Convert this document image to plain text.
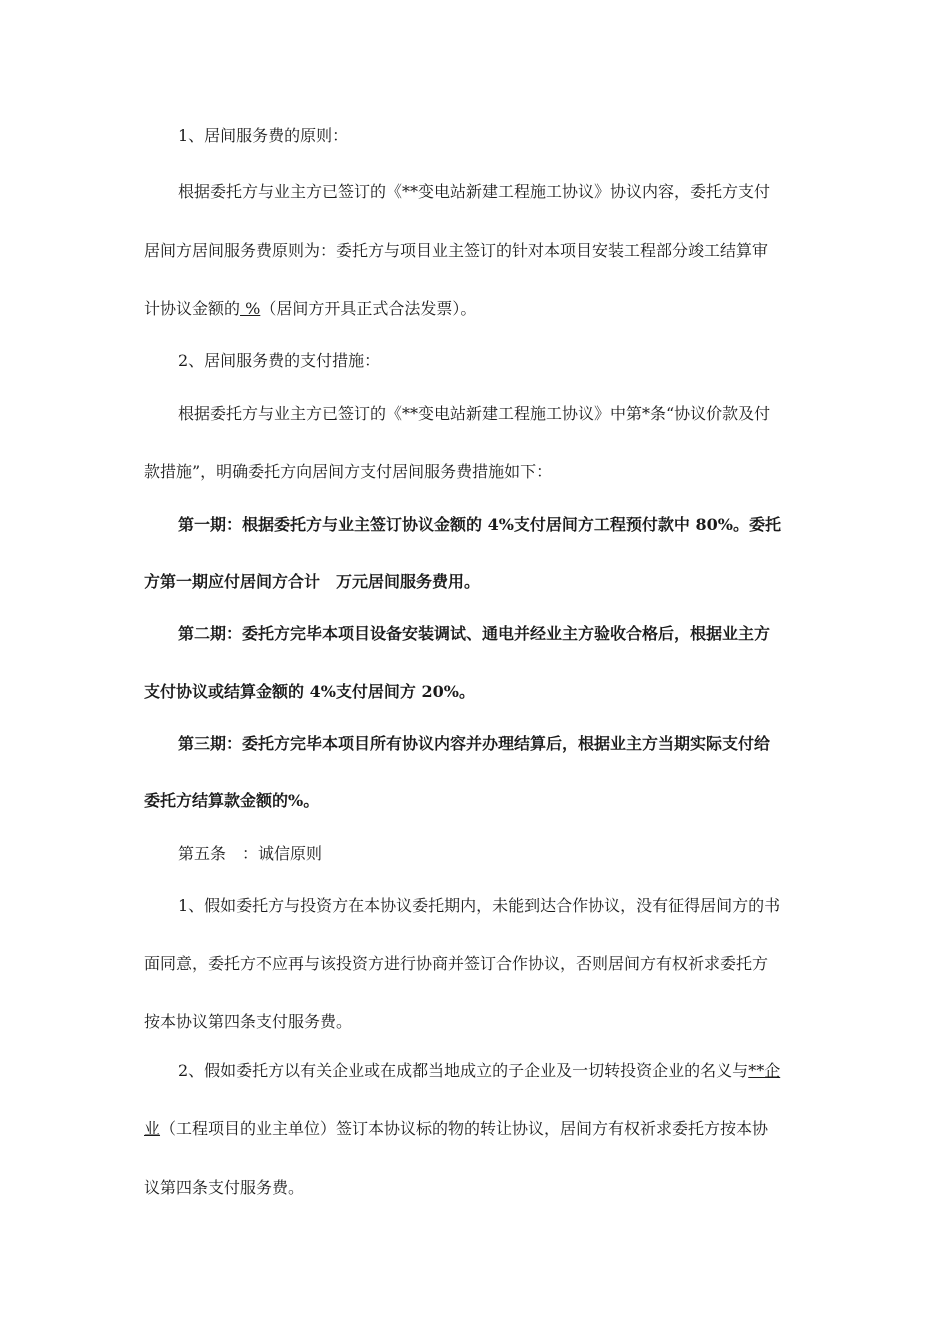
1、居间服务费的原则：
根据委托方与业主方已签订的《**变电站新建工程施工协议》协议内容，委托方支付
居间方居间服务费原则为：委托方与项目业主签订的针对本项目安装工程部分竣工结算审
计协议金额的 %（居间方开具正式合法发票）。
2、居间服务费的支付措施：
根据委托方与业主方已签订的《**变电站新建工程施工协议》中第*条“协议价款及付
款措施”，明确委托方向居间方支付居间服务费措施如下：
第一期：根据委托方与业主签订协议金额的 4%支付居间方工程预付款中 80%。委托
方第一期应付居间方合计　万元居间服务费用。
第二期：委托方完毕本项目设备安装调试、通电并经业主方验收合格后，根据业主方
支付协议或结算金额的 4%支付居间方 20%。
第三期：委托方完毕本项目所有协议内容并办理结算后，根据业主方当期实际支付给
委托方结算款金额的%。
第五条　：诚信原则
1、假如委托方与投资方在本协议委托期内，未能到达合作协议，没有征得居间方的书
面同意，委托方不应再与该投资方进行协商并签订合作协议，否则居间方有权祈求委托方
按本协议第四条支付服务费。
2、假如委托方以有关企业或在成都当地成立的子企业及一切转投资企业的名义与**企
业（工程项目的业主单位）签订本协议标的物的转让协议，居间方有权祈求委托方按本协
议第四条支付服务费。
